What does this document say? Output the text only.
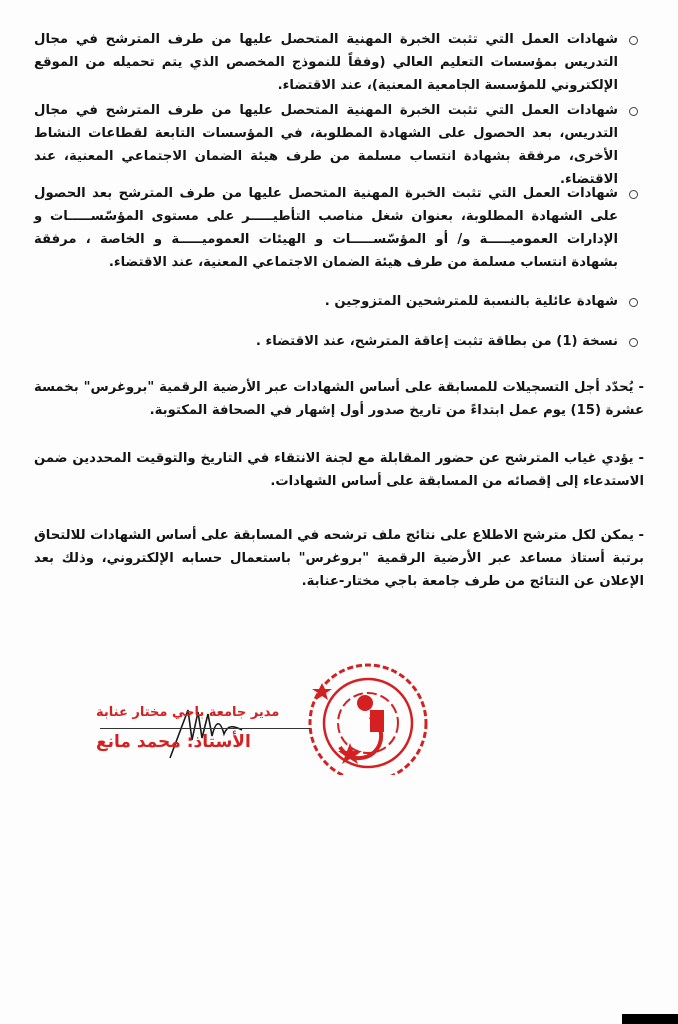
شهادات العمل التي تثبت الخبرة المهنية المتحصل عليها من طرف المترشح في مجال التدريس بمؤسسات التعليم العالي (وفقاً للنموذج المخصص الذي يتم تحميله من الموقع الإلكتروني للمؤسسة الجامعية المعنية)، عند الاقتضاء.
شهادات العمل التي تثبت الخبرة المهنية المتحصل عليها من طرف المترشح في مجال التدريس، بعد الحصول على الشهادة المطلوبة، في المؤسسات التابعة لقطاعات النشاط الأخرى، مرفقة بشهادة انتساب مسلمة من طرف هيئة الضمان الاجتماعي المعنية، عند الاقتضاء.
شهادات العمل التي تثبت الخبرة المهنية المتحصل عليها من طرف المترشح بعد الحصول على الشهادة المطلوبة، بعنوان شغل مناصب التأطيـــــر على مستوى المؤسّســـــات و الإدارات العموميـــــة و/ أو المؤسّســـــات و الهيئات العموميـــــة و الخاصة ، مرفقة بشهادة انتساب مسلمة من طرف هيئة الضمان الاجتماعي المعنية، عند الاقتضاء.
شهادة عائلية بالنسبة للمترشحين المتزوجين .
نسخة (1) من بطاقة تثبت إعاقة المترشح، عند الاقتضاء .
- يُحدّد أجل التسجيلات للمسابقة على أساس الشهادات عبر الأرضية الرقمية "بروغرس" بخمسة عشرة (15) يوم عمل ابتداءً من تاريخ صدور أول إشهار في الصحافة المكتوبة.
- يؤدي غياب المترشح عن حضور المقابلة مع لجنة الانتقاء في التاريخ والتوقيت المحددين ضمن الاستدعاء إلى إقصائه من المسابقة على أساس الشهادات.
- يمكن لكل مترشح الاطلاع على نتائج ملف ترشحه في المسابقة على أساس الشهادات للالتحاق برتبة أستاذ مساعد عبر الأرضية الرقمية "بروغرس" باستعمال حسابه الإلكتروني، وذلك بعد الإعلان عن النتائج من طرف جامعة باجي مختار-عنابة.
مدير جامعة باجي مختار عنابة
الأستاذ: محمد مانع
